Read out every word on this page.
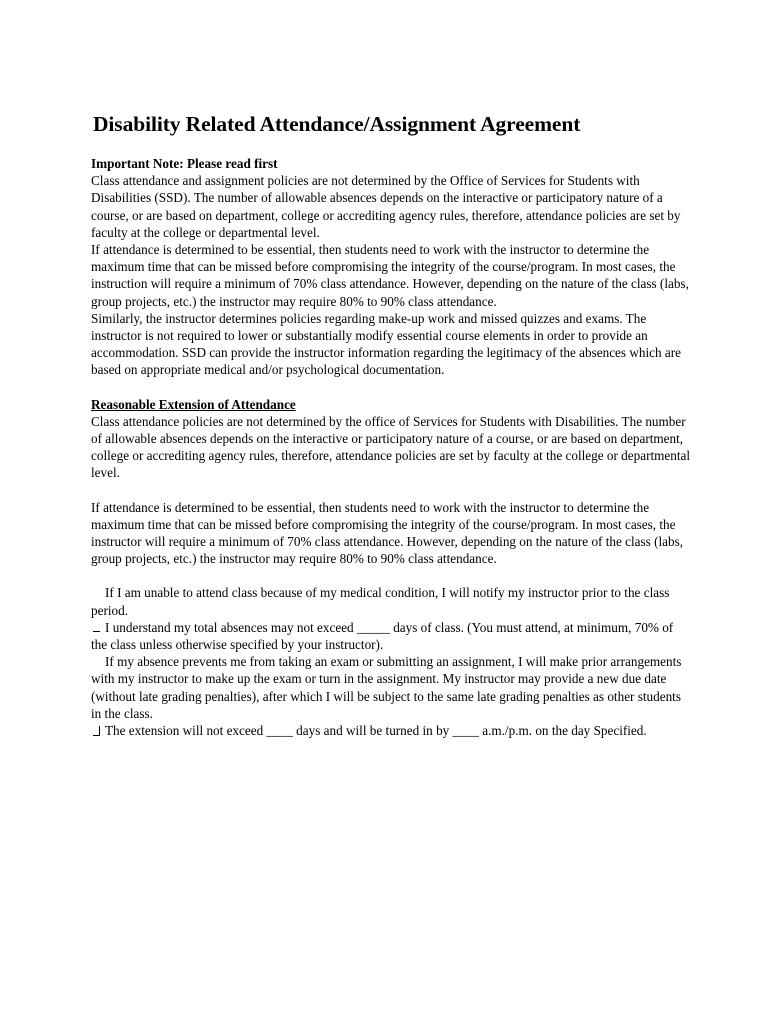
Disability Related Attendance/Assignment Agreement

Important Note: Please read first

Class attendance and assignment policies are not determined by the Office of Services for Students with Disabilities (SSD). The number of allowable absences depends on the interactive or participatory nature of a course, or are based on department, college or accrediting agency rules, therefore, attendance policies are set by faculty at the college or departmental level.

If attendance is determined to be essential, then students need to work with the instructor to determine the maximum time that can be missed before compromising the integrity of the course/program. In most cases, the instruction will require a minimum of 70% class attendance. However, depending on the nature of the class (labs, group projects, etc.) the instructor may require 80% to 90% class attendance.

Similarly, the instructor determines policies regarding make-up work and missed quizzes and exams. The instructor is not required to lower or substantially modify essential course elements in order to provide an accommodation. SSD can provide the instructor information regarding the legitimacy of the absences which are based on appropriate medical and/or psychological documentation.

Reasonable Extension of Attendance

Class attendance policies are not determined by the office of Services for Students with Disabilities. The number of allowable absences depends on the interactive or participatory nature of a course, or are based on department, college or accrediting agency rules, therefore, attendance policies are set by faculty at the college or departmental level.

If attendance is determined to be essential, then students need to work with the instructor to determine the maximum time that can be missed before compromising the integrity of the course/program. In most cases, the instructor will require a minimum of 70% class attendance. However, depending on the nature of the class (labs, group projects, etc.) the instructor may require 80% to 90% class attendance.

If I am unable to attend class because of my medical condition, I will notify my instructor prior to the class period.

I understand my total absences may not exceed _____ days of class. (You must attend, at minimum, 70% of the class unless otherwise specified by your instructor).

If my absence prevents me from taking an exam or submitting an assignment, I will make prior arrangements with my instructor to make up the exam or turn in the assignment. My instructor may provide a new due date (without late grading penalties), after which I will be subject to the same late grading penalties as other students in the class.

The extension will not exceed ____ days and will be turned in by ____ a.m./p.m. on the day Specified.
